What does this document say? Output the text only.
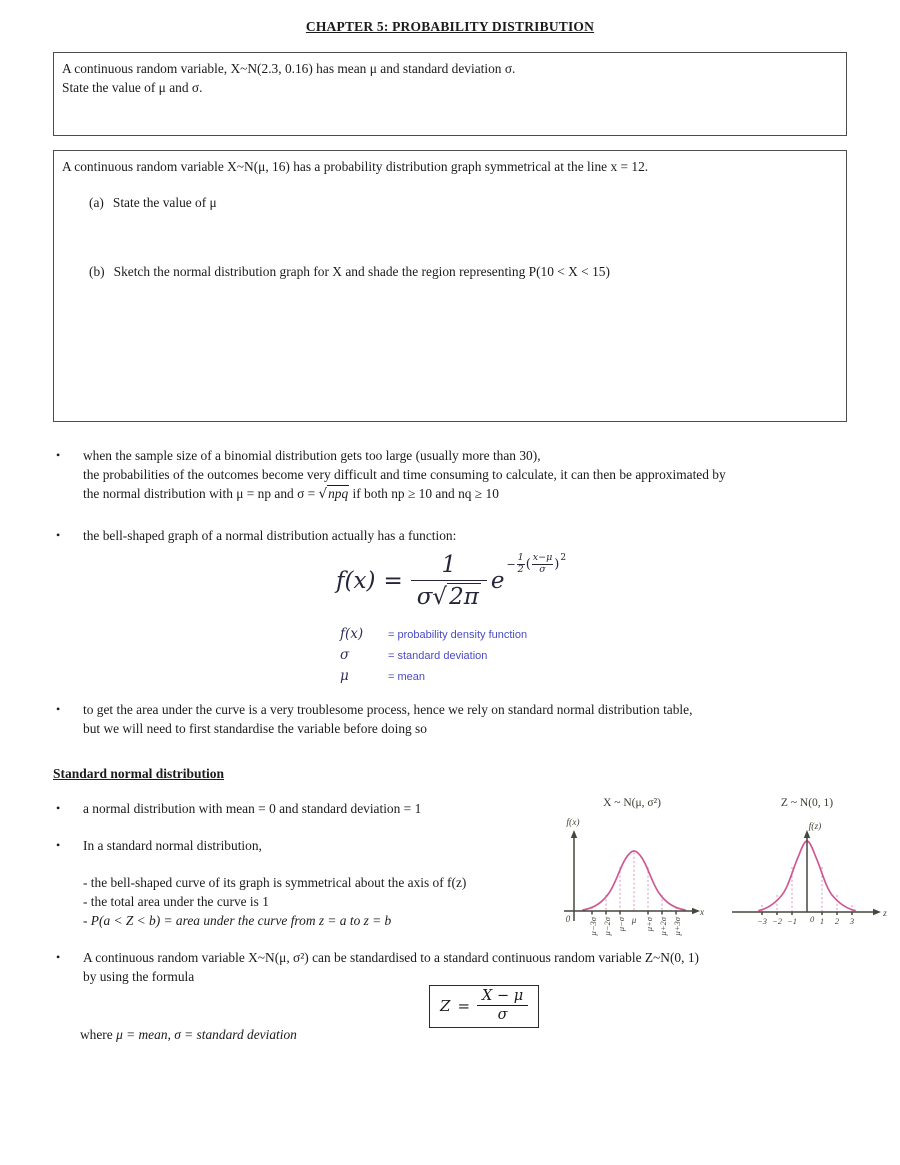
CHAPTER 5: PROBABILITY DISTRIBUTION
A continuous random variable, X~N(2.3, 0.16) has mean μ and standard deviation σ.
State the value of μ and σ.
A continuous random variable X~N(μ, 16) has a probability distribution graph symmetrical at the line x = 12.
(a) State the value of μ
(b) Sketch the normal distribution graph for X and shade the region representing P(10 < X < 15)
•	when the sample size of a binomial distribution gets too large (usually more than 30),
the probabilities of the outcomes become very difficult and time consuming to calculate, it can then be approximated by
the normal distribution with μ = np and σ = √npq if both np ≥ 10 and nq ≥ 10
•	the bell-shaped graph of a normal distribution actually has a function:
$f(x) = \frac{1}{\sigma√2\pi}$ e
− $\frac{1}{2}$ ( $\frac{x-\mu}{\sigma}$ ) 2
f(x)	= probability density function
σ	= standard deviation
μ	= mean
•	to get the area under the curve is a very troublesome process, hence we rely on standard normal distribution table,
but we will need to first standardise the variable before doing so
Standard normal distribution
•	a normal distribution with mean = 0 and standard deviation = 1
•	In a standard normal distribution,
- the bell-shaped curve of its graph is symmetrical about the axis of f(z)
- the total area under the curve is 1
- P(a < Z < b) = area under the curve from z = a to z = b
X ~ N(μ, σ²)
f(x)
x
0 μ−3σ μ−2σ μ−σ μ μ+σ μ+2σ μ+3σ
Z ~ N(0, 1)
f(z)
z
−3 −2 −1 0 1 2 3
•	A continuous random variable X~N(μ, σ²) can be standardised to a standard continuous random variable Z~N(0, 1)
by using the formula
$Z = \frac{X - \mu}{\sigma}$
where μ = mean, σ = standard deviation
